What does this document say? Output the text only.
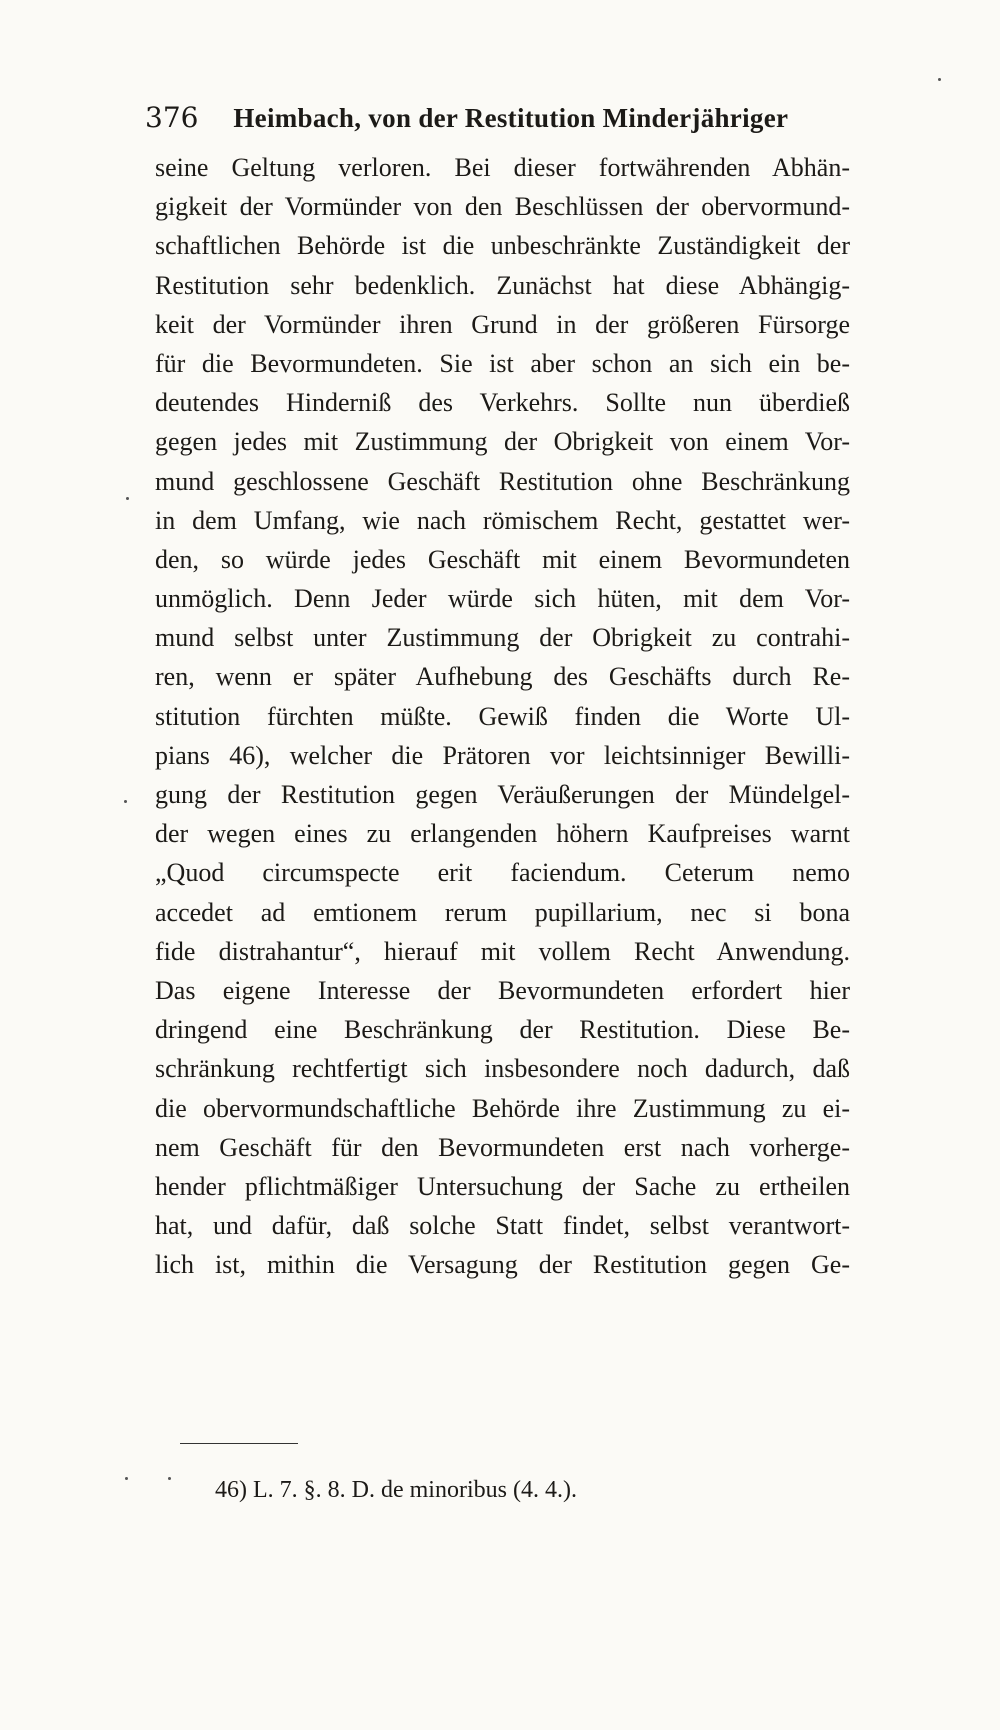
376 Heimbach, von der Restitution Minderjähriger
seine Geltung verloren. Bei dieser fortwährenden Abhän-
gigkeit der Vormünder von den Beschlüssen der obervormund-
schaftlichen Behörde ist die unbeschränkte Zuständigkeit der
Restitution sehr bedenklich. Zunächst hat diese Abhängig-
keit der Vormünder ihren Grund in der größeren Fürsorge
für die Bevormundeten. Sie ist aber schon an sich ein be-
deutendes Hinderniß des Verkehrs. Sollte nun überdieß
gegen jedes mit Zustimmung der Obrigkeit von einem Vor-
mund geschlossene Geschäft Restitution ohne Beschränkung
in dem Umfang, wie nach römischem Recht, gestattet wer-
den, so würde jedes Geschäft mit einem Bevormundeten
unmöglich. Denn Jeder würde sich hüten, mit dem Vor-
mund selbst unter Zustimmung der Obrigkeit zu contrahi-
ren, wenn er später Aufhebung des Geschäfts durch Re-
stitution fürchten müßte. Gewiß finden die Worte Ul-
pians 46), welcher die Prätoren vor leichtsinniger Bewilli-
gung der Restitution gegen Veräußerungen der Mündelgel-
der wegen eines zu erlangenden höhern Kaufpreises warnt
„Quod circumspecte erit faciendum. Ceterum nemo
accedet ad emtionem rerum pupillarium, nec si bona
fide distrahantur“, hierauf mit vollem Recht Anwendung.
Das eigene Interesse der Bevormundeten erfordert hier
dringend eine Beschränkung der Restitution. Diese Be-
schränkung rechtfertigt sich insbesondere noch dadurch, daß
die obervormundschaftliche Behörde ihre Zustimmung zu ei-
nem Geschäft für den Bevormundeten erst nach vorherge-
hender pflichtmäßiger Untersuchung der Sache zu ertheilen
hat, und dafür, daß solche Statt findet, selbst verantwort-
lich ist, mithin die Versagung der Restitution gegen Ge-
46) L. 7. §. 8. D. de minoribus (4. 4.).
